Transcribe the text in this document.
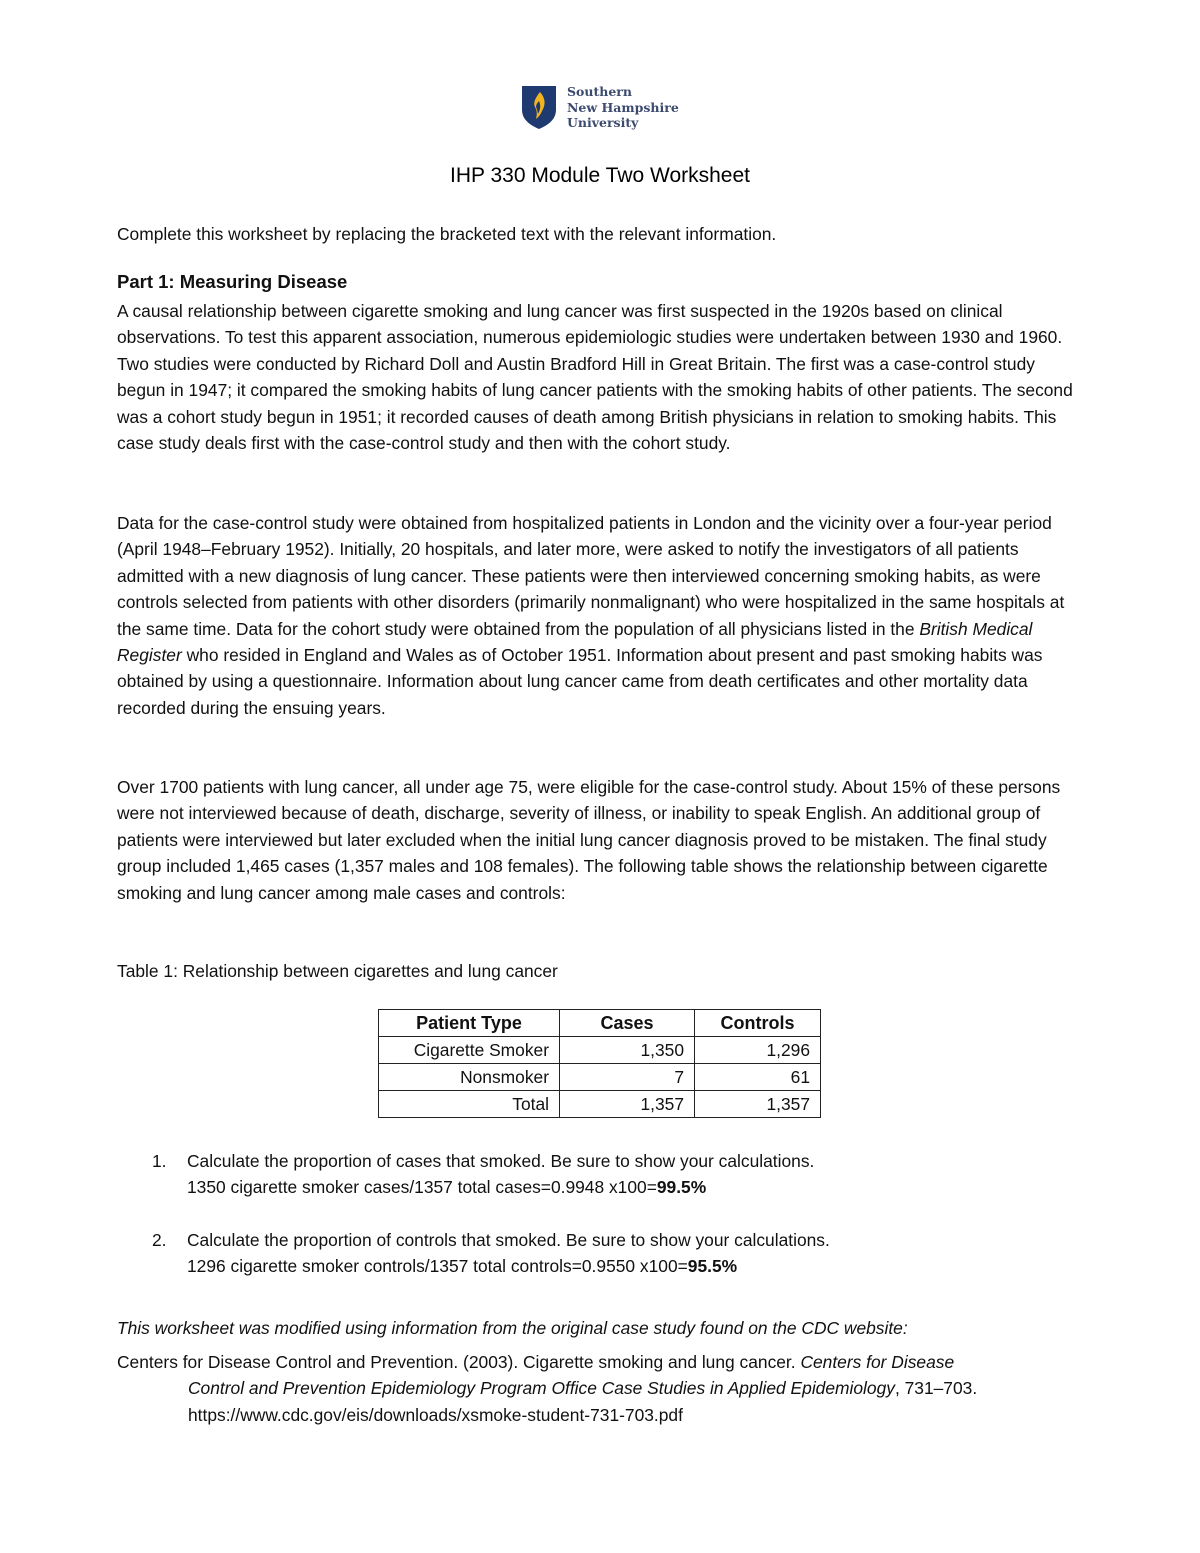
Southern
New Hampshire
University
IHP 330 Module Two Worksheet
Complete this worksheet by replacing the bracketed text with the relevant information.
Part 1: Measuring Disease

A causal relationship between cigarette smoking and lung cancer was first suspected in the 1920s based on clinical observations. To test this apparent association, numerous epidemiologic studies were undertaken between 1930 and 1960. Two studies were conducted by Richard Doll and Austin Bradford Hill in Great Britain. The first was a case-control study begun in 1947; it compared the smoking habits of lung cancer patients with the smoking habits of other patients. The second was a cohort study begun in 1951; it recorded causes of death among British physicians in relation to smoking habits. This case study deals first with the case-control study and then with the cohort study.

Data for the case-control study were obtained from hospitalized patients in London and the vicinity over a four-year period (April 1948–February 1952). Initially, 20 hospitals, and later more, were asked to notify the investigators of all patients admitted with a new diagnosis of lung cancer. These patients were then interviewed concerning smoking habits, as were controls selected from patients with other disorders (primarily nonmalignant) who were hospitalized in the same hospitals at the same time. Data for the cohort study were obtained from the population of all physicians listed in the British Medical Register who resided in England and Wales as of October 1951. Information about present and past smoking habits was obtained by using a questionnaire. Information about lung cancer came from death certificates and other mortality data recorded during the ensuing years.

Over 1700 patients with lung cancer, all under age 75, were eligible for the case-control study. About 15% of these persons were not interviewed because of death, discharge, severity of illness, or inability to speak English. An additional group of patients were interviewed but later excluded when the initial lung cancer diagnosis proved to be mistaken. The final study group included 1,465 cases (1,357 males and 108 females). The following table shows the relationship between cigarette smoking and lung cancer among male cases and controls:

Table 1: Relationship between cigarettes and lung cancer
Patient Type	Cases	Controls
Cigarette Smoker	1,350	1,296
Nonsmoker	7	61
Total	1,357	1,357
1. Calculate the proportion of cases that smoked. Be sure to show your calculations.
1350 cigarette smoker cases/1357 total cases=0.9948 x100=99.5%
2. Calculate the proportion of controls that smoked. Be sure to show your calculations.
1296 cigarette smoker controls/1357 total controls=0.9550 x100=95.5%
This worksheet was modified using information from the original case study found on the CDC website:
Centers for Disease Control and Prevention. (2003). Cigarette smoking and lung cancer. Centers for Disease
Control and Prevention Epidemiology Program Office Case Studies in Applied Epidemiology, 731–703.
https://www.cdc.gov/eis/downloads/xsmoke-student-731-703.pdf
